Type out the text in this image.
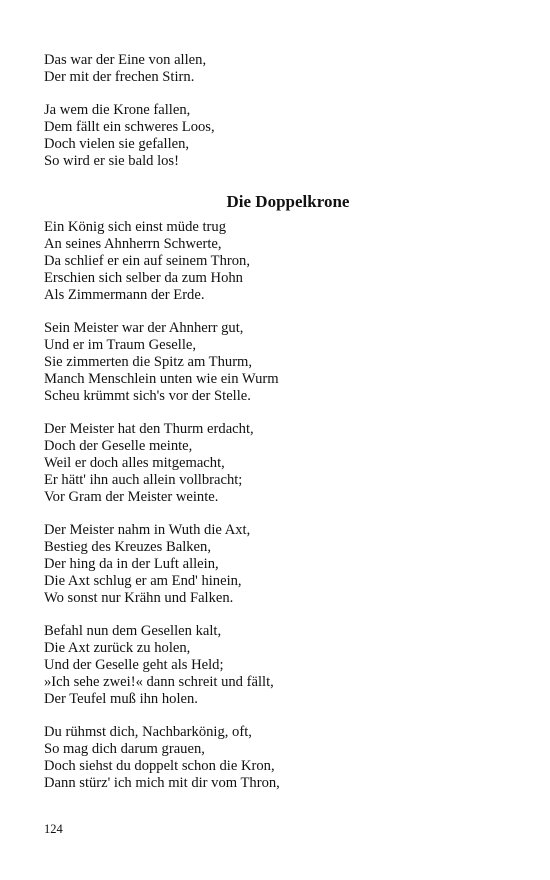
Das war der Eine von allen,
Der mit der frechen Stirn.
Ja wem die Krone fallen,
Dem fällt ein schweres Loos,
Doch vielen sie gefallen,
So wird er sie bald los!
Die Doppelkrone
Ein König sich einst müde trug
An seines Ahnherrn Schwerte,
Da schlief er ein auf seinem Thron,
Erschien sich selber da zum Hohn
Als Zimmermann der Erde.
Sein Meister war der Ahnherr gut,
Und er im Traum Geselle,
Sie zimmerten die Spitz am Thurm,
Manch Menschlein unten wie ein Wurm
Scheu krümmt sich's vor der Stelle.
Der Meister hat den Thurm erdacht,
Doch der Geselle meinte,
Weil er doch alles mitgemacht,
Er hätt' ihn auch allein vollbracht;
Vor Gram der Meister weinte.
Der Meister nahm in Wuth die Axt,
Bestieg des Kreuzes Balken,
Der hing da in der Luft allein,
Die Axt schlug er am End' hinein,
Wo sonst nur Krähn und Falken.
Befahl nun dem Gesellen kalt,
Die Axt zurück zu holen,
Und der Geselle geht als Held;
»Ich sehe zwei!« dann schreit und fällt,
Der Teufel muß ihn holen.
Du rühmst dich, Nachbarkönig, oft,
So mag dich darum grauen,
Doch siehst du doppelt schon die Kron,
Dann stürz' ich mich mit dir vom Thron,
124
